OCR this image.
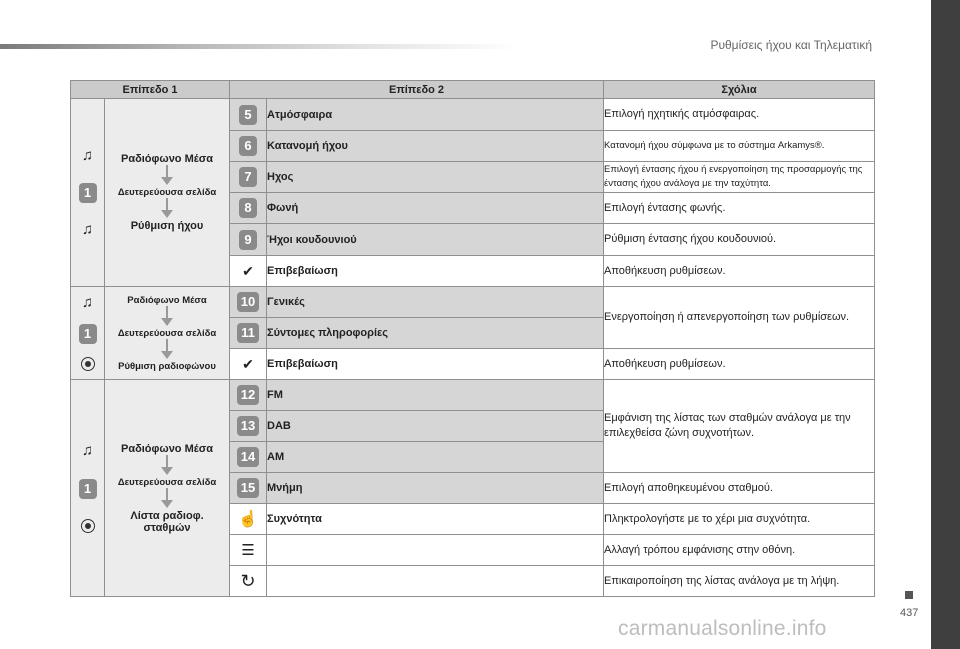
Ρυθμίσεις ήχου και Τηλεματική
Επίπεδο 1		Επίπεδο 2		Σχόλια

♫
1
♫	Ραδιόφωνο Μέσα
Δευτερεύουσα σελίδα
Ρύθμιση ήχου	5	Ατμόσφαιρα	Επιλογή ηχητικής ατμόσφαιρας.
		6	Κατανομή ήχου	Κατανομή ήχου σύμφωνα με το σύστημα Arkamys®.
		7	Ηχος	Επιλογή έντασης ήχου ή ενεργοποίηση της προσαρμογής της έντασης ήχου ανάλογα με την ταχύτητα.
		8	Φωνή	Επιλογή έντασης φωνής.
		9	Ήχοι κουδουνιού	Ρύθμιση έντασης ήχου κουδουνιού.
		✔	Επιβεβαίωση	Αποθήκευση ρυθμίσεων.

♫
1	Ραδιόφωνο Μέσα
Δευτερεύουσα σελίδα
Ρύθμιση ραδιοφώνου	10	Γενικές	Ενεργοποίηση ή απενεργοποίηση των ρυθμίσεων.
		11	Σύντομες πληροφορίες	
		✔	Επιβεβαίωση	Αποθήκευση ρυθμίσεων.

♫
1	Ραδιόφωνο Μέσα
Δευτερεύουσα σελίδα
Λίστα ραδιοφ. σταθμών	12	FM	Εμφάνιση της λίστας των σταθμών ανάλογα με την επιλεχθείσα ζώνη συχνοτήτων.
		13	DAB	
		14	AM	
		15	Μνήμη	Επιλογή αποθηκευμένου σταθμού.
		☝	Συχνότητα	Πληκτρολογήστε με το χέρι μια συχνότητα.
		☰		Αλλαγή τρόπου εμφάνισης στην οθόνη.
		↻		Επικαιροποίηση της λίστας ανάλογα με τη λήψη.
437
carmanualsonline.info
